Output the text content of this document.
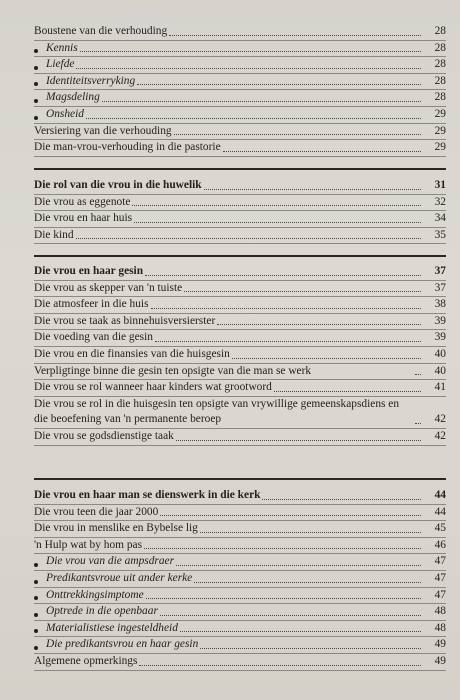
Boustene van die verhouding	28
Kennis	28
Liefde	28
Identiteitsverryking	28
Magsdeling	28
Onsheid	29
Versiering van die verhouding	29
Die man-vrou-verhouding in die pastorie	29
Die rol van die vrou in die huwelik	31
Die vrou as eggenote	32
Die vrou en haar huis	34
Die kind	35
Die vrou en haar gesin	37
Die vrou as skepper van 'n tuiste	37
Die atmosfeer in die huis	38
Die vrou se taak as binnehuisversierster	39
Die voeding van die gesin	39
Die vrou en die finansies van die huisgesin	40
Verpligtinge binne die gesin ten opsigte van die man se werk	40
Die vrou se rol wanneer haar kinders wat grootword	41
Die vrou se rol in die huisgesin ten opsigte van vrywillige gemeenskapsdiens en die beoefening van 'n permanente beroep	42
Die vrou se godsdienstige taak	42
Die vrou en haar man se dienswerk in die kerk	44
Die vrou teen die jaar 2000	44
Die vrou in menslike en Bybelse lig	45
'n Hulp wat by hom pas	46
Die vrou van die ampsdraer	47
Predikantsvroue uit ander kerke	47
Onttrekkingsimptome	47
Optrede in die openbaar	48
Materialistiese ingesteldheid	48
Die predikantsvrou en haar gesin	49
Algemene opmerkings	49
